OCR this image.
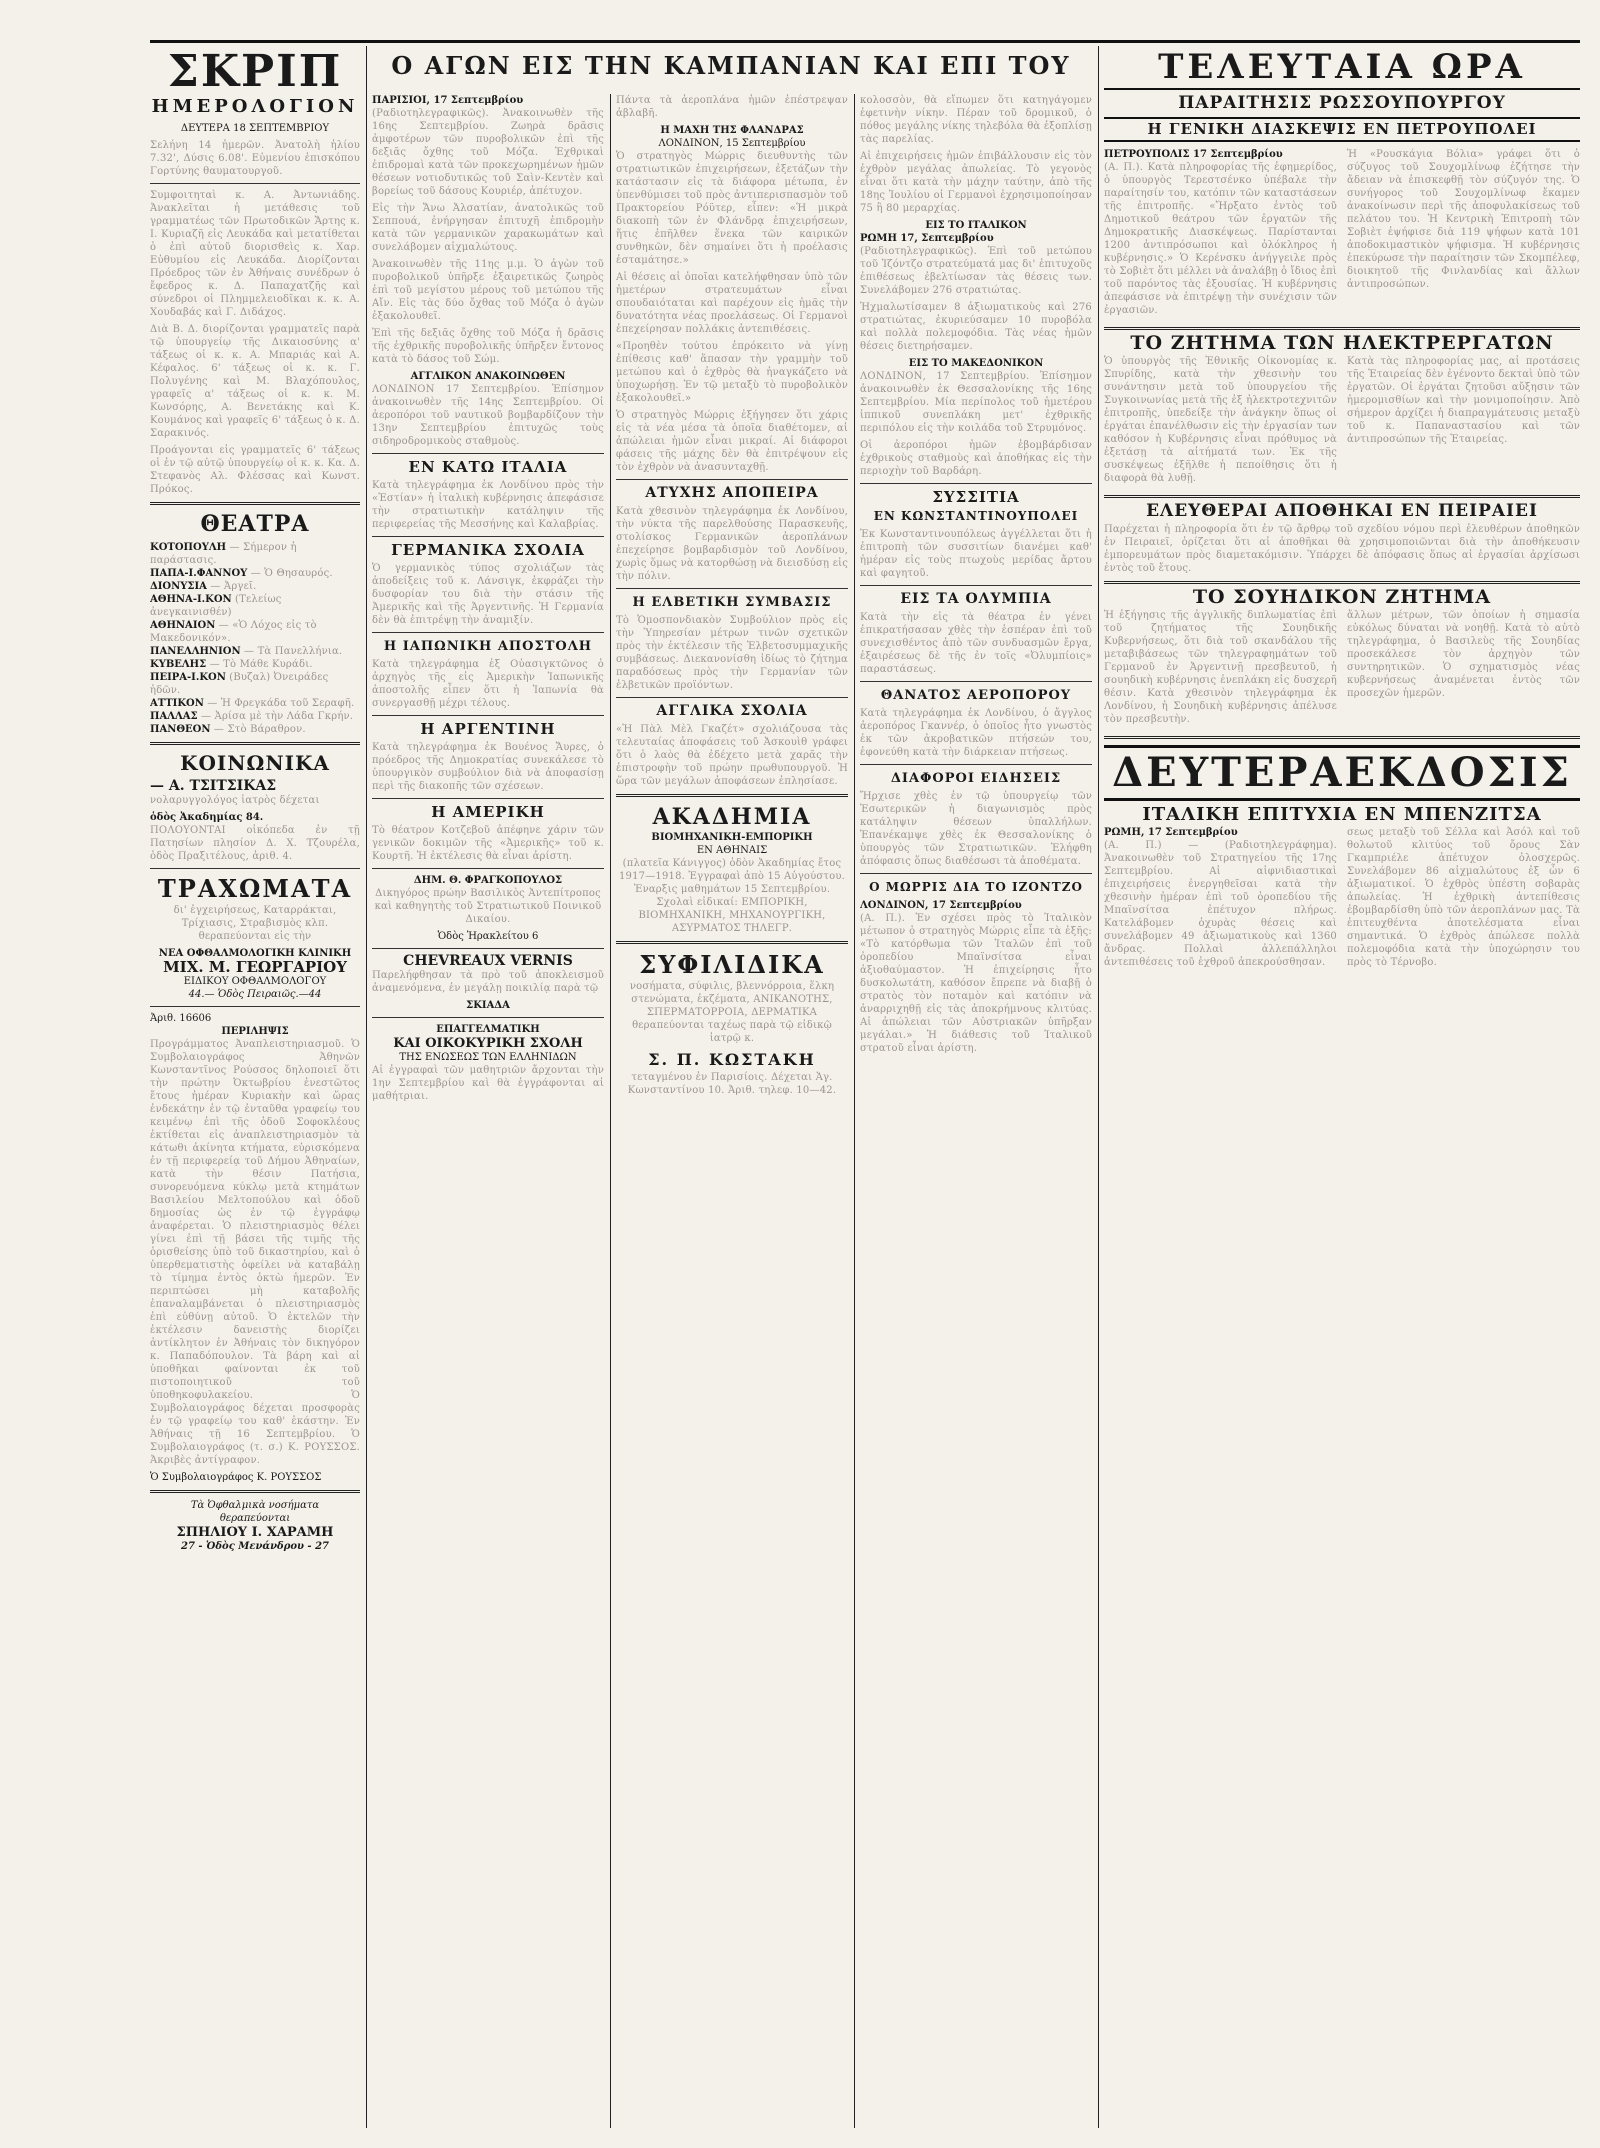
ΣΚΡΙΠ
ΗΜΕΡΟΛΟΓΙΟΝ
ΔΕΥΤΕΡΑ 18 ΣΕΠΤΕΜΒΡΙΟΥ
Σελήνη 14 ἡμερῶν. Ἀνατολὴ ἡλίου 7.32', Δύσις 6.08'. Εὐμενίου ἐπισκόπου Γορτύνης θαυματουργοῦ.
Συμφοιτηταὶ κ. Α. Ἀντωνιάδης. Ἀνακλεῖται ἡ μετάθεσις τοῦ γραμματέως τῶν Πρωτοδικῶν Ἄρτης κ. Ι. Κυριαζῆ εἰς Λευκάδα καὶ μετατίθεται ὁ ἐπὶ αὐτοῦ διορισθεὶς κ. Χαρ. Εὐθυμίου εἰς Λευκάδα. Διορίζονται Πρόεδρος τῶν ἐν Ἀθήναις συνέδρων ὁ ἔφεδρος κ. Δ. Παπαχατζῆς καὶ σύνεδροι οἱ Πλημμελειοδῖκαι κ. κ. Α. Χουδαβάς καὶ Γ. Διδάχος.
Διὰ Β. Δ. διορίζονται γραμματεῖς παρὰ τῷ ὑπουργείῳ τῆς Δικαιοσύνης α' τάξεως οἱ κ. κ. Α. Μπαριάς καὶ Α. Κέφαλος. 6' τάξεως οἱ κ. κ. Γ. Πολυγένης καὶ Μ. Βλαχόπουλος, γραφεῖς α' τάξεως οἱ κ. κ. Μ. Κωνσόρης, Α. Βενετάκης καὶ Κ. Κουμάνος καὶ γραφεῖς 6' τάξεως ὁ κ. Δ. Σαρακινός.
Προάγονται εἰς γραμματεῖς 6' τάξεως οἱ ἐν τῷ αὐτῷ ὑπουργείῳ οἱ κ. κ. Κα. Δ. Στεφανὸς Αλ. Φλέσσας καὶ Κωνστ. Πρόκος.
ΘΕΑΤΡΑ
ΚΟΤΟΠΟΥΛΗ — Σήμερον ἡ παράστασις.
ΠΑΠΑ-Ι.ΦΑΝΝΟΥ — Ὁ Θησαυρός.
ΔΙΟΝΥΣΙΑ — Ἀργεῖ.
ΑΘΗΝΑ-Ι.ΚΟΝ (Τελείως ἀνεγκαινισθέν)
ΑΘΗΝΑΙΟΝ — «Ὁ Λόχος εἰς τὸ Μακεδονικόν».
ΠΑΝΕΛΛΗΝΙΟΝ — Τὰ Πανελλήνια.
ΚΥΒΕΛΗΣ — Τὸ Μάθε Κυράδι.
ΠΕΙΡΑ-Ι.ΚΟΝ (Βυζαλ) Ὀνειράδες ἡδῶν.
ΑΤΤΙΚΟΝ — Ἡ Φρεγκάδα τοῦ Σεραφῆ.
ΠΑΛΛΑΣ — Ἀρίσα μὲ τὴν Λάδα Γκρήν.
ΠΑΝΘΕΟΝ — Στὸ Βάραθρον.
ΚΟΙΝΩΝΙΚΑ
— Α. ΤΣΙΤΣΙΚΑΣ
νολαρυγγολόγος ἰατρὸς δέχεται
ὁδὸς Ἀκαδημίας 84.
ΠΟΛΟΥΟΝΤΑΙ οἰκόπεδα ἐν τῇ Πατησίων πλησίον Δ. Χ. Τζουρέλα, ὁδὸς Πραξιτέλους, ἀριθ. 4.
ΤΡΑΧΩΜΑΤΑ
δι' ἐγχειρήσεως, Καταρράκται, Τρίχιασις, Στραβισμὸς κλπ. θεραπεύονται εἰς τὴν
ΝΕΑ ΟΦΘΑΛΜΟΛΟΓΙΚΗ ΚΛΙΝΙΚΗ
ΜΙΧ. Μ. ΓΕΩΡΓΑΡΙΟΥ
ΕΙΔΙΚΟΥ ΟΦΘΑΛΜΟΛΟΓΟΥ
44.— Ὁδὸς Πειραιῶς.—44
Ἀριθ. 16606
ΠΕΡΙΛΗΨΙΣ
Προγράμματος Ἀναπλειστηριασμοῦ. Ὁ Συμβολαιογράφος Ἀθηνῶν Κωνσταντῖνος Ρούσσος δηλοποιεῖ ὅτι τὴν πρώτην Ὀκτωβρίου ἐνεστῶτος ἔτους ἡμέραν Κυριακὴν καὶ ὥρας ἐνδεκάτην ἐν τῷ ἐνταῦθα γραφείῳ του κειμένῳ ἐπὶ τῆς ὁδοῦ Σοφοκλέους ἐκτίθεται εἰς ἀναπλειστηριασμὸν τὰ κάτωθι ἀκίνητα κτήματα, εὐρισκόμενα ἐν τῇ περιφερείᾳ τοῦ Δήμου Ἀθηναίων, κατὰ τὴν θέσιν Πατήσια, συνορευόμενα κύκλῳ μετὰ κτημάτων Βασιλείου Μελτοπούλου καὶ ὁδοῦ δημοσίας ὡς ἐν τῷ ἐγγράφῳ ἀναφέρεται. Ὁ πλειστηριασμὸς θέλει γίνει ἐπὶ τῇ βάσει τῆς τιμῆς τῆς ὁρισθείσης ὑπὸ τοῦ δικαστηρίου, καὶ ὁ ὑπερθεματιστὴς ὀφείλει νὰ καταβάλῃ τὸ τίμημα ἐντὸς ὀκτὼ ἡμερῶν. Ἐν περιπτώσει μὴ καταβολῆς ἐπαναλαμβάνεται ὁ πλειστηριασμὸς ἐπὶ εὐθύνῃ αὐτοῦ. Ὁ ἐκτελῶν τὴν ἐκτέλεσιν δανειστὴς διορίζει ἀντίκλητον ἐν Ἀθήναις τὸν δικηγόρον κ. Παπαδόπουλον. Τὰ βάρη καὶ αἱ ὑποθῆκαι φαίνονται ἐκ τοῦ πιστοποιητικοῦ τοῦ ὑποθηκοφυλακείου. Ὁ Συμβολαιογράφος δέχεται προσφορὰς ἐν τῷ γραφείῳ του καθ' ἑκάστην. Ἐν Ἀθήναις τῇ 16 Σεπτεμβρίου. Ὁ Συμβολαιογράφος (τ. σ.) Κ. ΡΟΥΣΣΟΣ. Ἀκριβὲς ἀντίγραφον.
Ὁ Συμβολαιογράφος Κ. ΡΟΥΣΣΟΣ
Τὰ Ὀφθαλμικὰ νοσήματα
θεραπεύονται
ΣΠΗΛΙΟΥ Ι. ΧΑΡΑΜΗ
27 - Ὁδὸς Μενάνδρου - 27
Ο ΑΓΩΝ ΕΙΣ ΤΗΝ ΚΑΜΠΑΝΙΑΝ ΚΑΙ ΕΠΙ ΤΟΥ
ΠΑΡΙΣΙΟΙ, 17 Σεπτεμβρίου
(Ραδιοτηλεγραφικῶς). Ἀνακοινωθὲν τῆς 16ης Σεπτεμβρίου. Ζωηρὰ δρᾶσις ἀμφοτέρων τῶν πυροβολικῶν ἐπὶ τῆς δεξιᾶς ὄχθης τοῦ Μόζα. Ἐχθρικαὶ ἐπιδρομαὶ κατὰ τῶν προκεχωρημένων ἡμῶν θέσεων νοτιοδυτικῶς τοῦ Σαὶν-Κεντὲν καὶ βορείως τοῦ δάσους Κουριέρ, ἀπέτυχον.
Εἰς τὴν Ἄνω Ἀλσατίαν, ἀνατολικῶς τοῦ Σεππουά, ἐνήργησαν ἐπιτυχῆ ἐπιδρομὴν κατὰ τῶν γερμανικῶν χαρακωμάτων καὶ συνελάβομεν αἰχμαλώτους.
Ἀνακοινωθὲν τῆς 11ης μ.μ. Ὁ ἀγὼν τοῦ πυροβολικοῦ ὑπῆρξε ἐξαιρετικῶς ζωηρὸς ἐπὶ τοῦ μεγίστου μέρους τοῦ μετώπου τῆς Αἴν. Εἰς τὰς δύο ὄχθας τοῦ Μόζα ὁ ἀγὼν ἐξακολουθεῖ.
Ἐπὶ τῆς δεξιᾶς ὄχθης τοῦ Μόζα ἡ δρᾶσις τῆς ἐχθρικῆς πυροβολικῆς ὑπῆρξεν ἔντονος κατὰ τὸ δάσος τοῦ Σώμ.
ΑΓΓΛΙΚΟΝ ΑΝΑΚΟΙΝΩΘΕΝ
ΛΟΝΔΙΝΟΝ 17 Σεπτεμβρίου. Ἐπίσημον ἀνακοινωθὲν τῆς 14ης Σεπτεμβρίου. Οἱ ἀεροπόροι τοῦ ναυτικοῦ βομβαρδίζουν τὴν 13ην Σεπτεμβρίου ἐπιτυχῶς τοὺς σιδηροδρομικοὺς σταθμοὺς.
ΕΝ ΚΑΤΩ ΙΤΑΛΙΑ
Κατὰ τηλεγράφημα ἐκ Λονδίνου πρὸς τὴν «Ἑστίαν» ἡ ἰταλικὴ κυβέρνησις ἀπεφάσισε τὴν στρατιωτικὴν κατάληψιν τῆς περιφερείας τῆς Μεσσήνης καὶ Καλαβρίας.
ΓΕΡΜΑΝΙΚΑ ΣΧΟΛΙΑ
Ὁ γερμανικὸς τύπος σχολιάζων τὰς ἀποδείξεις τοῦ κ. Λάνσιγκ, ἐκφράζει τὴν δυσφορίαν του διὰ τὴν στάσιν τῆς Ἀμερικῆς καὶ τῆς Ἀργεντινῆς. Ἡ Γερμανία δὲν θὰ ἐπιτρέψῃ τὴν ἀναμιξίν.
Η ΙΑΠΩΝΙΚΗ ΑΠΟΣΤΟΛΗ
Κατὰ τηλεγράφημα ἐξ Οὐασιγκτῶνος ὁ ἀρχηγὸς τῆς εἰς Ἀμερικὴν Ἰαπωνικῆς ἀποστολῆς εἶπεν ὅτι ἡ Ἰαπωνία θὰ συνεργασθῇ μέχρι τέλους.
Η ΑΡΓΕΝΤΙΝΗ
Κατὰ τηλεγράφημα ἐκ Βουένος Ἄυρες, ὁ πρόεδρος τῆς Δημοκρατίας συνεκάλεσε τὸ ὑπουργικὸν συμβούλιον διὰ νὰ ἀποφασίσῃ περὶ τῆς διακοπῆς τῶν σχέσεων.
Η ΑΜΕΡΙΚΗ
Τὸ θέατρον Κοτζεβοῦ ἀπέφηνε χάριν τῶν γενικῶν δοκιμῶν τῆς «Ἀμερικῆς» τοῦ κ. Κουρτῆ. Ἡ ἐκτέλεσις θὰ εἶναι ἀρίστη.
ΔΗΜ. Θ. ΦΡΑΓΚΟΠΟΥΛΟΣ
Δικηγόρος πρώην Βασιλικὸς Ἀντεπίτροπος καὶ καθηγητὴς τοῦ Στρατιωτικοῦ Ποινικοῦ Δικαίου.
Ὁδὸς Ἡρακλείτου 6
CHEVREAUX VERNIS
Παρελήφθησαν τὰ πρὸ τοῦ ἀποκλεισμοῦ ἀναμενόμενα, ἐν μεγάλῃ ποικιλίᾳ παρὰ τῷ
ΣΚΙΑΔΑ
ΕΠΑΓΓΕΛΜΑΤΙΚΗ
ΚΑΙ ΟΙΚΟΚΥΡΙΚΗ ΣΧΟΛΗ
ΤΗΣ ΕΝΩΣΕΩΣ ΤΩΝ ΕΛΛΗΝΙΔΩΝ
Αἱ ἐγγραφαὶ τῶν μαθητριῶν ἄρχονται τὴν 1ην Σεπτεμβρίου καὶ θὰ ἐγγράφονται αἱ μαθήτριαι.
Πάντα τὰ ἀεροπλάνα ἡμῶν ἐπέστρεψαν ἀβλαβῆ.
Η ΜΑΧΗ ΤΗΣ ΦΛΑΝΔΡΑΣ
ΛΟΝΔΙΝΟΝ, 15 Σεπτεμβρίου
Ὁ στρατηγὸς Μώρρις διευθυντὴς τῶν στρατιωτικῶν ἐπιχειρήσεων, ἐξετάζων τὴν κατάστασιν εἰς τὰ διάφορα μέτωπα, ἐν ὑπενθύμισει τοῦ πρὸς ἀντιπερισπασμὸν τοῦ Πρακτορείου Ρόϋτερ, εἶπεν: «Ἡ μικρὰ διακοπὴ τῶν ἐν Φλάνδρᾳ ἐπιχειρήσεων, ἥτις ἐπῆλθεν ἕνεκα τῶν καιρικῶν συνθηκῶν, δὲν σημαίνει ὅτι ἡ προέλασις ἐσταμάτησε.»
Αἱ θέσεις αἱ ὁποῖαι κατελήφθησαν ὑπὸ τῶν ἡμετέρων στρατευμάτων εἶναι σπουδαιόταται καὶ παρέχουν εἰς ἡμᾶς τὴν δυνατότητα νέας προελάσεως. Οἱ Γερμανοὶ ἐπεχείρησαν πολλάκις ἀντεπιθέσεις.
«Προηθὲν τούτου ἐπρόκειτο νὰ γίνῃ ἐπίθεσις καθ' ἅπασαν τὴν γραμμὴν τοῦ μετώπου καὶ ὁ ἐχθρὸς θὰ ἠναγκάζετο νὰ ὑποχωρήσῃ. Ἐν τῷ μεταξὺ τὸ πυροβολικὸν ἐξακολουθεῖ.»
Ὁ στρατηγὸς Μώρρις ἐξήγησεν ὅτι χάρις εἰς τὰ νέα μέσα τὰ ὁποῖα διαθέτομεν, αἱ ἀπώλειαι ἡμῶν εἶναι μικραί. Αἱ διάφοροι φάσεις τῆς μάχης δὲν θὰ ἐπιτρέψουν εἰς τὸν ἐχθρὸν νὰ ἀνασυνταχθῇ.
ΑΤΥΧΗΣ ΑΠΟΠΕΙΡΑ
Κατὰ χθεσινὸν τηλεγράφημα ἐκ Λονδίνου, τὴν νύκτα τῆς παρελθούσης Παρασκευῆς, στολίσκος Γερμανικῶν ἀεροπλάνων ἐπεχείρησε βομβαρδισμὸν τοῦ Λονδίνου, χωρὶς ὅμως νὰ κατορθώσῃ νὰ διεισδύσῃ εἰς τὴν πόλιν.
Η ΕΛΒΕΤΙΚΗ ΣΥΜΒΑΣΙΣ
Τὸ Ὁμοσπονδιακὸν Συμβούλιον πρὸς εἰς τὴν Ὑπηρεσίαν μέτρων τινῶν σχετικῶν πρὸς τὴν ἐκτέλεσιν τῆς Ἑλβετοσυμμαχικῆς συμβάσεως. Διεκανονίσθη ἰδίως τὸ ζήτημα παραδόσεως πρὸς τὴν Γερμανίαν τῶν ἑλβετικῶν προϊόντων.
ΑΓΓΛΙΚΑ ΣΧΟΛΙΑ
«Ἡ Πὰλ Μὲλ Γκαζέτ» σχολιάζουσα τὰς τελευταίας ἀποφάσεις τοῦ Ἀσκουὶθ γράφει ὅτι ὁ λαὸς θὰ ἐδέχετο μετὰ χαρᾶς τὴν ἐπιστροφὴν τοῦ πρώην πρωθυπουργοῦ. Ἡ ὥρα τῶν μεγάλων ἀποφάσεων ἐπλησίασε.
ΑΚΑΔΗΜΙΑ
ΒΙΟΜΗΧΑΝΙΚΗ-ΕΜΠΟΡΙΚΗ
ΕΝ ΑΘΗΝΑΙΣ
(πλατεῖα Κάνιγγος) ὁδὸν Ἀκαδημίας ἔτος 1917—1918. Ἐγγραφαὶ ἀπὸ 15 Αὐγούστου. Ἐναρξις μαθημάτων 15 Σεπτεμβρίου. Σχολαὶ εἰδικαί: ΕΜΠΟΡΙΚΗ, ΒΙΟΜΗΧΑΝΙΚΗ, ΜΗΧΑΝΟΥΡΓΙΚΗ, ΑΣΥΡΜΑΤΟΣ ΤΗΛΕΓΡ.
ΣΥΦΙΛΙΔΙΚΑ
νοσήματα, σύφιλις, βλεννόρροια, ἕλκη στενώματα, ἐκζέματα, ΑΝΙΚΑΝΟΤΗΣ, ΣΠΕΡΜΑΤΟΡΡΟΙΑ, ΔΕΡΜΑΤΙΚΑ θεραπεύονται ταχέως παρὰ τῷ εἰδικῷ ἰατρῷ κ.
Σ. Π. ΚΩΣΤΑΚΗ
τεταγμένου ἐν Παρισίοις. Δέχεται Ἁγ. Κωνσταντίνου 10. Ἀριθ. τηλεφ. 10—42.
κολοσσὸν, θὰ εἴπωμεν ὅτι κατηγάγομεν ἐφετινὴν νίκην. Πέραν τοῦ δρομικοῦ, ὁ πόθος μεγάλης νίκης τηλεβόλα θὰ ἐξοπλίσῃ τὰς παρελίας.
Αἱ ἐπιχειρήσεις ἡμῶν ἐπιβάλλουσιν εἰς τὸν ἐχθρὸν μεγάλας ἀπωλείας. Τὸ γεγονὸς εἶναι ὅτι κατὰ τὴν μάχην ταύτην, ἀπὸ τῆς 18ης Ἰουλίου οἱ Γερμανοὶ ἐχρησιμοποίησαν 75 ἢ 80 μεραρχίας.
ΕΙΣ ΤΟ ΙΤΑΛΙΚΟΝ
ΡΩΜΗ 17, Σεπτεμβρίου
(Ραδιοτηλεγραφικῶς). Ἐπὶ τοῦ μετώπου τοῦ Ἰζόντζο στρατεύματά μας δι' ἐπιτυχοῦς ἐπιθέσεως ἐβελτίωσαν τὰς θέσεις των. Συνελάβομεν 276 στρατιώτας.
Ἠχμαλωτίσαμεν 8 ἀξιωματικοὺς καὶ 276 στρατιώτας, ἐκυριεύσαμεν 10 πυροβόλα καὶ πολλὰ πολεμοφόδια. Τὰς νέας ἡμῶν θέσεις διετηρήσαμεν.
ΕΙΣ ΤΟ ΜΑΚΕΔΟΝΙΚΟΝ
ΛΟΝΔΙΝΟΝ, 17 Σεπτεμβρίου. Ἐπίσημον ἀνακοινωθὲν ἐκ Θεσσαλονίκης τῆς 16ης Σεπτεμβρίου. Μία περίπολος τοῦ ἡμετέρου ἱππικοῦ συνεπλάκη μετ' ἐχθρικῆς περιπόλου εἰς τὴν κοιλάδα τοῦ Στρυμόνος.
Οἱ ἀεροπόροι ἡμῶν ἐβομβάρδισαν ἐχθρικοὺς σταθμοὺς καὶ ἀποθήκας εἰς τὴν περιοχὴν τοῦ Βαρδάρη.
ΣΥΣΣΙΤΙΑ
ΕΝ ΚΩΝΣΤΑΝΤΙΝΟΥΠΟΛΕΙ
Ἐκ Κωνσταντινουπόλεως ἀγγέλλεται ὅτι ἡ ἐπιτροπὴ τῶν συσσιτίων διανέμει καθ' ἡμέραν εἰς τοὺς πτωχοὺς μερίδας ἄρτου καὶ φαγητοῦ.
ΕΙΣ ΤΑ ΟΛΥΜΠΙΑ
Κατὰ τὴν εἰς τὰ θέατρα ἐν γένει ἐπικρατήσασαν χθὲς τὴν ἑσπέραν ἐπὶ τοῦ συνεχισθέντος ἀπὸ τῶν συνδυασμῶν ἔργα, ἐξαιρέσεως δὲ τῆς ἐν τοῖς «Ὀλυμπίοις» παραστάσεως.
ΘΑΝΑΤΟΣ ΑΕΡΟΠΟΡΟΥ
Κατὰ τηλεγράφημα ἐκ Λονδίνου, ὁ ἄγγλος ἀεροπόρος Γκαννέρ, ὁ ὁποῖος ἦτο γνωστὸς ἐκ τῶν ἀκροβατικῶν πτήσεών του, ἐφονεύθη κατὰ τὴν διάρκειαν πτήσεως.
ΔΙΑΦΟΡΟΙ ΕΙΔΗΣΕΙΣ
Ἤρχισε χθὲς ἐν τῷ ὑπουργείῳ τῶν Ἐσωτερικῶν ἡ διαγωνισμὸς πρὸς κατάληψιν θέσεων ὑπαλλήλων. Ἐπανέκαμψε χθὲς ἐκ Θεσσαλονίκης ὁ ὑπουργὸς τῶν Στρατιωτικῶν. Ἐλήφθη ἀπόφασις ὅπως διαθέσωσι τὰ ἀποθέματα.
Ο ΜΩΡΡΙΣ ΔΙΑ ΤΟ ΙΖΟΝΤΖΟ
ΛΟΝΔΙΝΟΝ, 17 Σεπτεμβρίου
(Α. Π.). Ἐν σχέσει πρὸς τὸ Ἰταλικὸν μέτωπον ὁ στρατηγὸς Μώρρις εἶπε τὰ ἑξῆς: «Τὸ κατόρθωμα τῶν Ἰταλῶν ἐπὶ τοῦ ὀροπεδίου Μπαϊνσίτσα εἶναι ἀξιοθαύμαστον. Ἡ ἐπιχείρησις ἦτο δυσκολωτάτη, καθόσον ἔπρεπε νὰ διαβῇ ὁ στρατὸς τὸν ποταμὸν καὶ κατόπιν νὰ ἀναρριχηθῇ εἰς τὰς ἀποκρήμνους κλιτύας. Αἱ ἀπώλειαι τῶν Αὐστριακῶν ὑπῆρξαν μεγάλαι.» Ἡ διάθεσις τοῦ Ἰταλικοῦ στρατοῦ εἶναι ἀρίστη.
ΤΕΛΕΥΤΑΙΑ ΩΡΑ
ΠΑΡΑΙΤΗΣΙΣ ΡΩΣΣΟΥΠΟΥΡΓΟΥ
Η ΓΕΝΙΚΗ ΔΙΑΣΚΕΨΙΣ ΕΝ ΠΕΤΡΟΥΠΟΛΕΙ
ΠΕΤΡΟΥΠΟΛΙΣ 17 Σεπτεμβρίου
(Α. Π.). Κατὰ πληροφορίας τῆς ἐφημερίδος, ὁ ὑπουργὸς Τερεστσένκο ὑπέβαλε τὴν παραίτησίν του, κατόπιν τῶν καταστάσεων τῆς ἐπιτροπῆς. «Ἤρξατο ἐντὸς τοῦ Δημοτικοῦ θεάτρου τῶν ἐργατῶν τῆς Δημοκρατικῆς Διασκέψεως. Παρίστανται 1200 ἀντιπρόσωποι καὶ ὁλόκληρος ἡ κυβέρνησις.» Ὁ Κερένσκυ ἀνήγγειλε πρὸς τὸ Σοβιὲτ ὅτι μέλλει νὰ ἀναλάβῃ ὁ ἴδιος ἐπὶ τοῦ παρόντος τὰς ἐξουσίας. Ἡ κυβέρνησις ἀπεφάσισε νὰ ἐπιτρέψῃ τὴν συνέχισιν τῶν ἐργασιῶν.
Ἡ «Ρουσκάγια Βόλια» γράφει ὅτι ὁ σύζυγος τοῦ Σουχομλίνωφ ἐζήτησε τὴν ἄδειαν νὰ ἐπισκεφθῇ τὸν σύζυγόν της. Ὁ συνήγορος τοῦ Σουχομλίνωφ ἔκαμεν ἀνακοίνωσιν περὶ τῆς ἀποφυλακίσεως τοῦ πελάτου του. Ἡ Κεντρικὴ Ἐπιτροπὴ τῶν Σοβιὲτ ἐψήφισε διὰ 119 ψήφων κατὰ 101 ἀποδοκιμαστικὸν ψήφισμα. Ἡ κυβέρνησις ἐπεκύρωσε τὴν παραίτησιν τῶν Σκομπέλεφ, διοικητοῦ τῆς Φινλανδίας καὶ ἄλλων ἀντιπροσώπων.
ΤΟ ΖΗΤΗΜΑ ΤΩΝ ΗΛΕΚΤΡΕΡΓΑΤΩΝ
Ὁ ὑπουργὸς τῆς Ἐθνικῆς Οἰκονομίας κ. Σπυρίδης, κατὰ τὴν χθεσινὴν του συνάντησιν μετὰ τοῦ ὑπουργείου τῆς Συγκοινωνίας μετὰ τῆς ἐξ ἠλεκτροτεχνιτῶν ἐπιτροπῆς, ὑπεδείξε τὴν ἀνάγκην ὅπως οἱ ἐργάται ἐπανέλθωσιν εἰς τὴν ἐργασίαν των καθόσον ἡ Κυβέρνησις εἶναι πρόθυμος νὰ ἐξετάσῃ τὰ αἰτήματά των. Ἐκ τῆς συσκέψεως ἐξῆλθε ἡ πεποίθησις ὅτι ἡ διαφορὰ θὰ λυθῇ.
Κατὰ τὰς πληροφορίας μας, αἱ προτάσεις τῆς Ἑταιρείας δὲν ἐγένοντο δεκταὶ ὑπὸ τῶν ἐργατῶν. Οἱ ἐργάται ζητοῦσι αὔξησιν τῶν ἡμερομισθίων καὶ τὴν μονιμοποίησιν. Ἀπὸ σήμερον ἀρχίζει ἡ διαπραγμάτευσις μεταξὺ τοῦ κ. Παπαναστασίου καὶ τῶν ἀντιπροσώπων τῆς Ἑταιρείας.
ΕΛΕΥΘΕΡΑΙ ΑΠΟΘΗΚΑΙ ΕΝ ΠΕΙΡΑΙΕΙ
Παρέχεται ἡ πληροφορία ὅτι ἐν τῷ ἄρθρῳ τοῦ σχεδίου νόμου περὶ ἐλευθέρων ἀποθηκῶν ἐν Πειραιεῖ, ὁρίζεται ὅτι αἱ ἀποθῆκαι θὰ χρησιμοποιῶνται διὰ τὴν ἀποθήκευσιν ἐμπορευμάτων πρὸς διαμετακόμισιν. Ὑπάρχει δὲ ἀπόφασις ὅπως αἱ ἐργασίαι ἀρχίσωσι ἐντὸς τοῦ ἔτους.
ΤΟ ΣΟΥΗΔΙΚΟΝ ΖΗΤΗΜΑ
Ἡ ἐξήγησις τῆς ἀγγλικῆς διπλωματίας ἐπὶ τοῦ ζητήματος τῆς Σουηδικῆς Κυβερνήσεως, ὅτι διὰ τοῦ σκανδάλου τῆς μεταβιβάσεως τῶν τηλεγραφημάτων τοῦ Γερμανοῦ ἐν Ἀργεντινῇ πρεσβευτοῦ, ἡ σουηδικὴ κυβέρνησις ἐνεπλάκη εἰς δυσχερῆ θέσιν. Κατὰ χθεσινὸν τηλεγράφημα ἐκ Λονδίνου, ἡ Σουηδικὴ κυβέρνησις ἀπέλυσε τὸν πρεσβευτὴν.
ἄλλων μέτρων, τῶν ὁποίων ἡ σημασία εὐκόλως δύναται νὰ νοηθῇ. Κατὰ τὸ αὐτὸ τηλεγράφημα, ὁ Βασιλεὺς τῆς Σουηδίας προσεκάλεσε τὸν ἀρχηγὸν τῶν συντηρητικῶν. Ὁ σχηματισμὸς νέας κυβερνήσεως ἀναμένεται ἐντὸς τῶν προσεχῶν ἡμερῶν.
ΔΕΥΤΕΡΑΕΚΔΟΣΙΣ
ΙΤΑΛΙΚΗ ΕΠΙΤΥΧΙΑ ΕΝ ΜΠΕΝΖΙΤΣΑ
ΡΩΜΗ, 17 Σεπτεμβρίου
(Α. Π.) — (Ραδιοτηλεγράφημα). Ἀνακοινωθὲν τοῦ Στρατηγείου τῆς 17ης Σεπτεμβρίου. Αἱ αἰφνιδιαστικαὶ ἐπιχειρήσεις ἐνεργηθεῖσαι κατὰ τὴν χθεσινὴν ἡμέραν ἐπὶ τοῦ ὀροπεδίου τῆς Μπαϊνσίτσα ἐπέτυχον πλήρως. Κατελάβομεν ὀχυρὰς θέσεις καὶ συνελάβομεν 49 ἀξιωματικοὺς καὶ 1360 ἄνδρας. Πολλαὶ ἀλλεπάλληλοι ἀντεπιθέσεις τοῦ ἐχθροῦ ἀπεκρούσθησαν.
σεως μεταξὺ τοῦ Σέλλα καὶ Ἀσόλ καὶ τοῦ θολωτοῦ κλιτύος τοῦ ὄρους Σὰν Γκαμπριέλε ἀπέτυχον ὁλοσχερῶς. Συνελάβομεν 86 αἰχμαλώτους ἐξ ὧν 6 ἀξιωματικοί. Ὁ ἐχθρὸς ὑπέστη σοβαρὰς ἀπωλείας. Ἡ ἐχθρικὴ ἀντεπίθεσις ἐβομβαρδίσθη ὑπὸ τῶν ἀεροπλάνων μας. Τὰ ἐπιτευχθέντα ἀποτελέσματα εἶναι σημαντικά. Ὁ ἐχθρὸς ἀπώλεσε πολλὰ πολεμοφόδια κατὰ τὴν ὑποχώρησιν του πρὸς τὸ Τέρνοβο.
